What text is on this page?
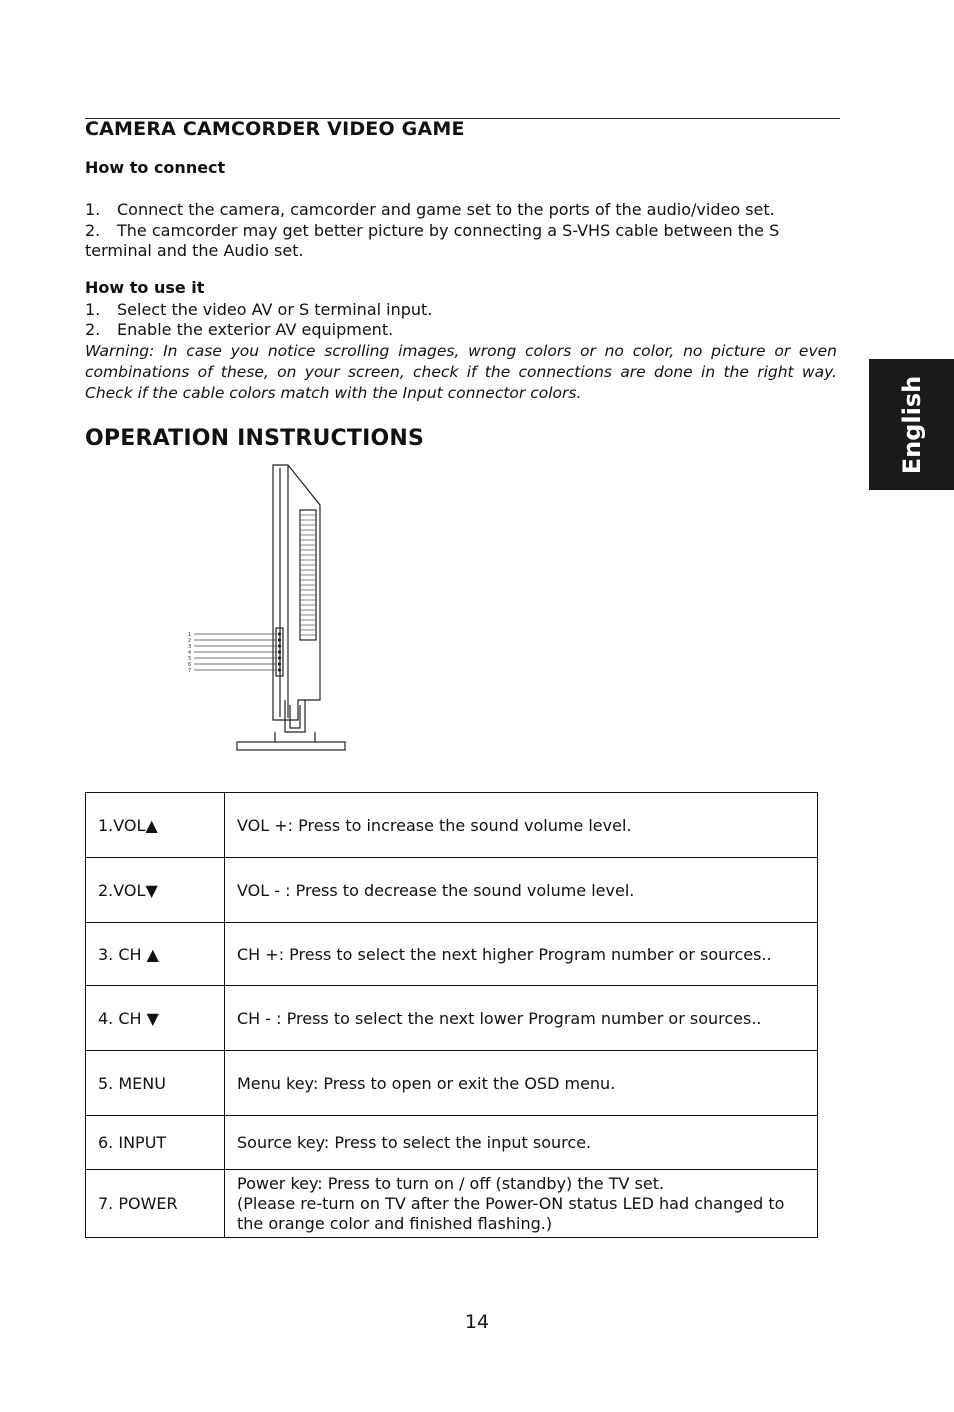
CAMERA CAMCORDER VIDEO GAME
How to connect
1. Connect the camera, camcorder and game set to the ports of the audio/video set.
2. The camcorder may get better picture by connecting a S-VHS cable between the S terminal and the Audio set.
How to use it
1. Select the video AV or S terminal input.
2. Enable the exterior AV equipment.
Warning: In case you notice scrolling images, wrong colors or no color, no picture or even combinations of these, on your screen, check if the connections are done in the right way. Check if the cable colors match with the Input connector colors.
OPERATION INSTRUCTIONS	English
1
2
3
4
5
6
7
1.VOL▲	VOL +: Press to increase the sound volume level.
2.VOL▼	VOL - : Press to decrease the sound volume level.
3. CH ▲	CH +: Press to select the next higher Program number or sources..
4. CH ▼	CH - : Press to select the next lower Program number or sources..
5. MENU	Menu key: Press to open or exit the OSD menu.
6. INPUT	Source key: Press to select the input source.
7. POWER	Power key: Press to turn on / off (standby) the TV set.
(Please re-turn on TV after the Power-ON status LED had changed to the orange color and finished flashing.)
14
